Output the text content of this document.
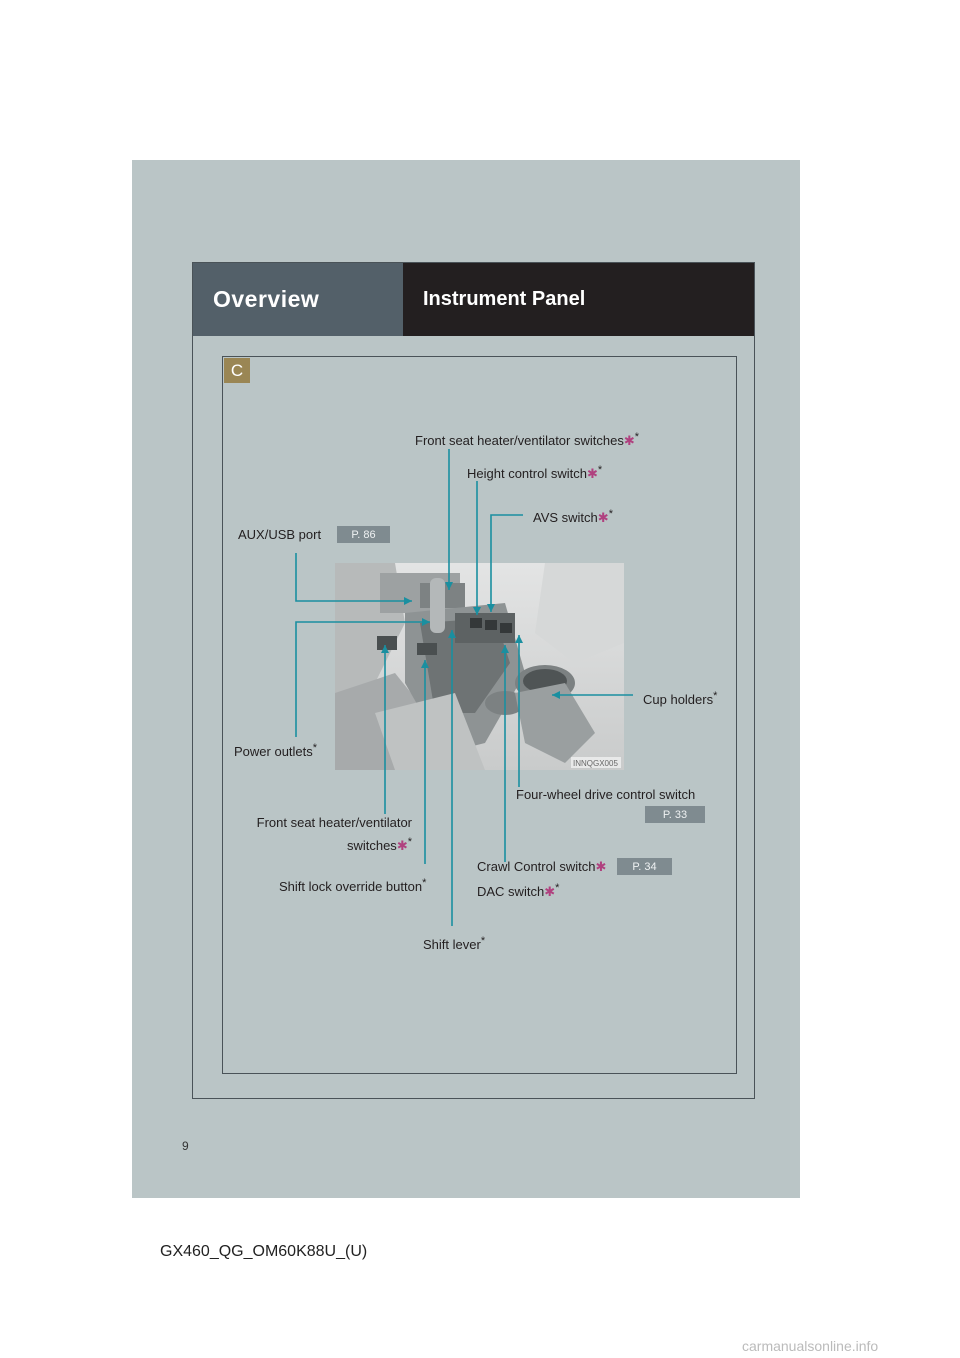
Overview	Instrument Panel
C
INNQGX005
Front seat heater/ventilator switches✱*
Height control switch✱*
AVS switch✱*
AUX/USB port	P. 86
Cup holders*
Power outlets*
Four-wheel drive control switch
P. 33
Front seat heater/ventilator
switches✱*
Crawl Control switch✱	P. 34
DAC switch✱*
Shift lock override button*
Shift lever*
9
GX460_QG_OM60K88U_(U)
carmanualsonline.info
